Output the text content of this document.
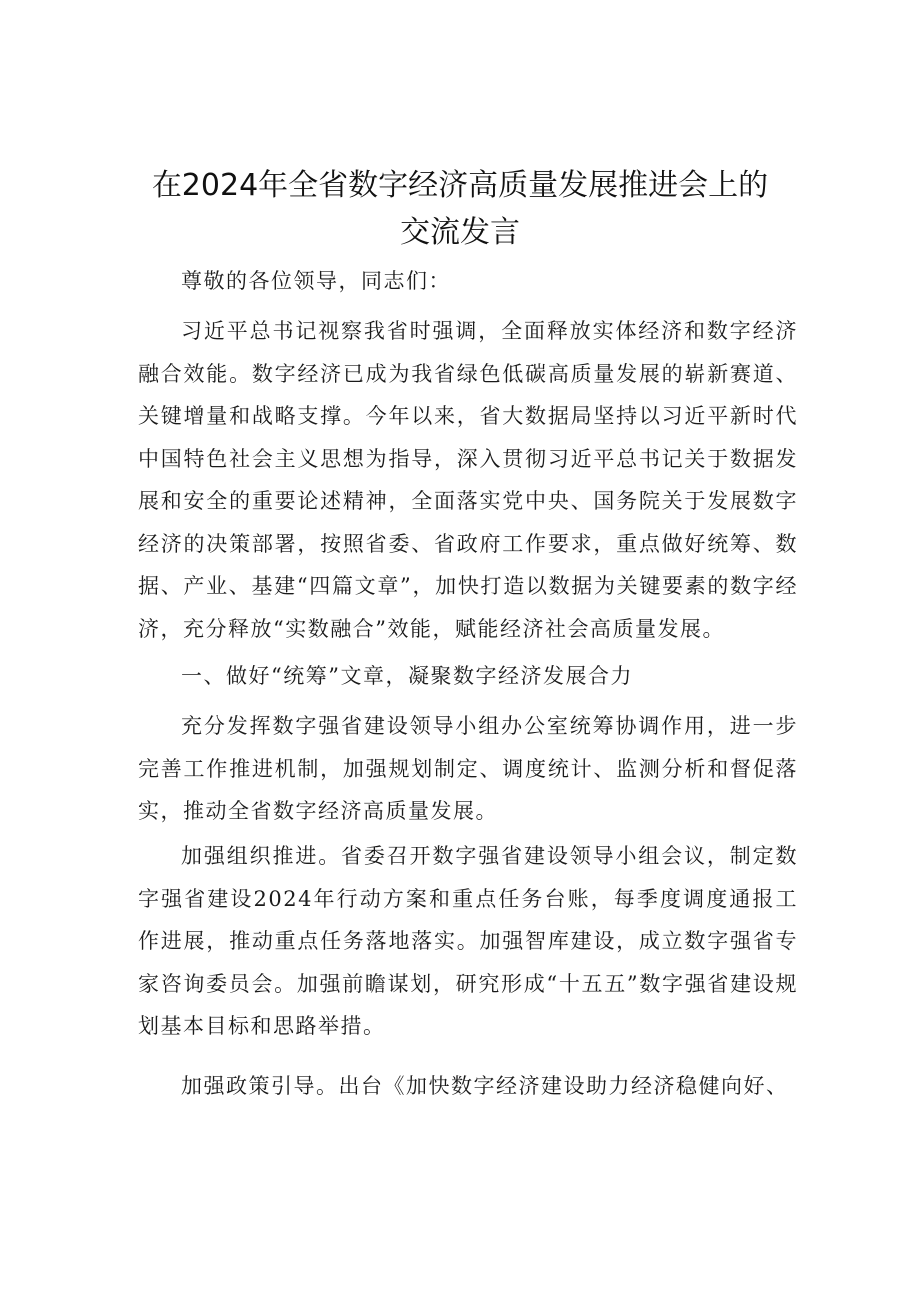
在2024年全省数字经济高质量发展推进会上的
交流发言

尊敬的各位领导，同志们：

习近平总书记视察我省时强调，全面释放实体经济和数字经济融合效能。数字经济已成为我省绿色低碳高质量发展的崭新赛道、关键增量和战略支撑。今年以来，省大数据局坚持以习近平新时代中国特色社会主义思想为指导，深入贯彻习近平总书记关于数据发展和安全的重要论述精神，全面落实党中央、国务院关于发展数字经济的决策部署，按照省委、省政府工作要求，重点做好统筹、数据、产业、基建“四篇文章”，加快打造以数据为关键要素的数字经济，充分释放“实数融合”效能，赋能经济社会高质量发展。

一、做好“统筹”文章，凝聚数字经济发展合力

充分发挥数字强省建设领导小组办公室统筹协调作用，进一步完善工作推进机制，加强规划制定、调度统计、监测分析和督促落实，推动全省数字经济高质量发展。

加强组织推进。省委召开数字强省建设领导小组会议，制定数字强省建设2024年行动方案和重点任务台账，每季度调度通报工作进展，推动重点任务落地落实。加强智库建设，成立数字强省专家咨询委员会。加强前瞻谋划，研究形成“十五五”数字强省建设规划基本目标和思路举措。

加强政策引导。出台《加快数字经济建设助力经济稳健向好、
